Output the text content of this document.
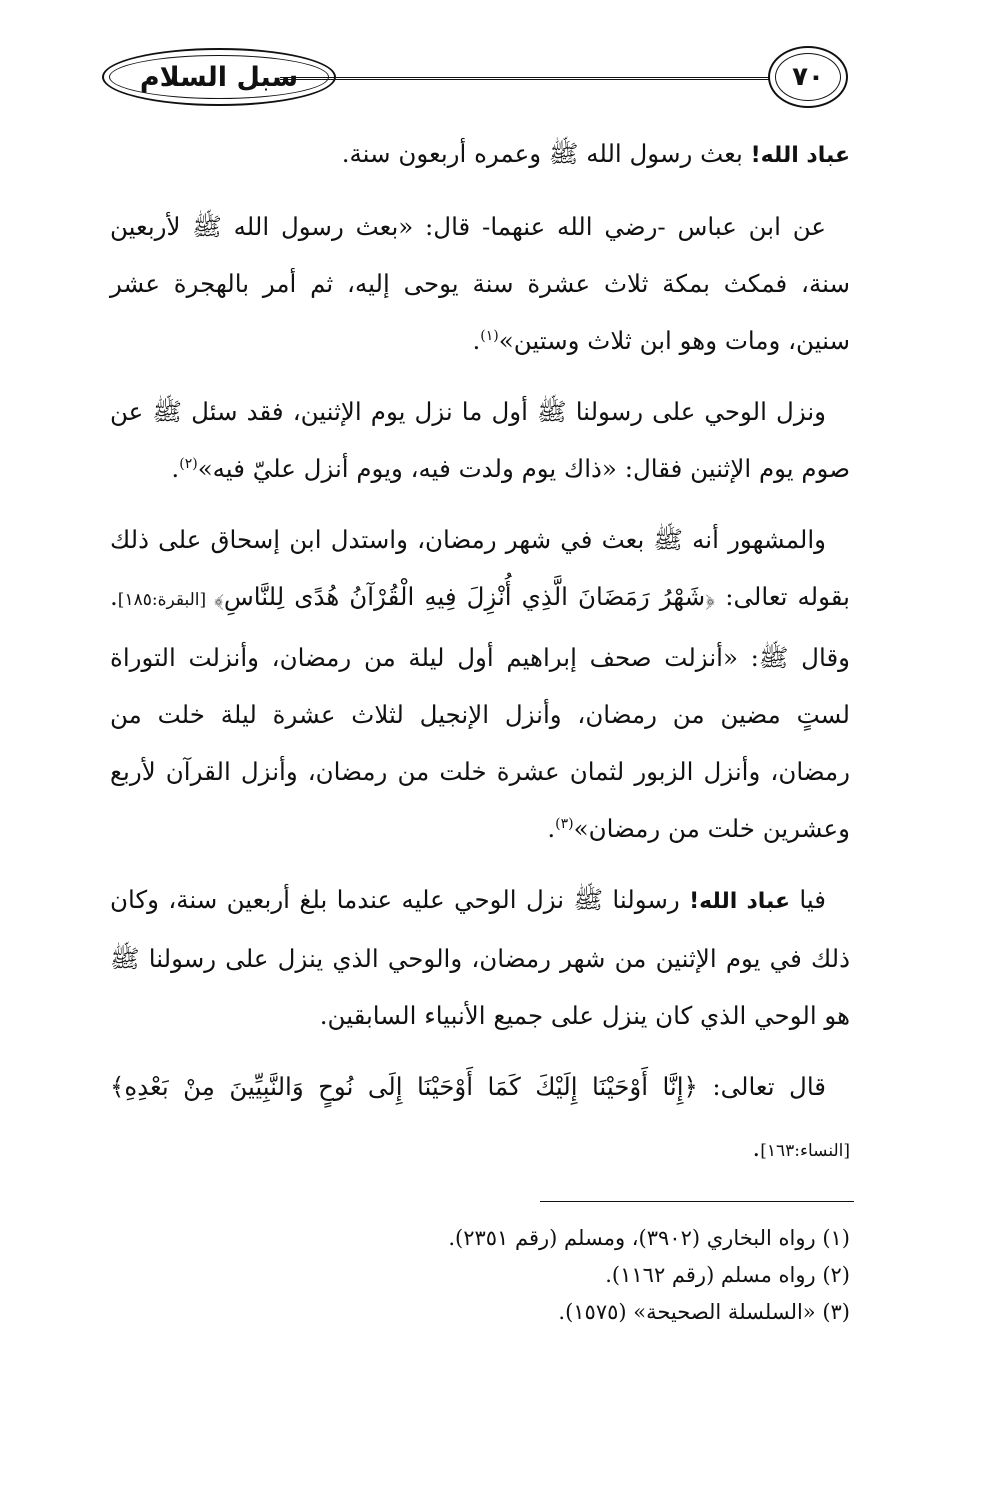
سبل السلام	٧٠

عباد الله! بعث رسول الله ﷺ وعمره أربعون سنة.

عن ابن عباس -رضي الله عنهما- قال: «بعث رسول الله ﷺ لأربعين سنة، فمكث بمكة ثلاث عشرة سنة يوحى إليه، ثم أمر بالهجرة عشر سنين، ومات وهو ابن ثلاث وستين»$^{(١)}$.

ونزل الوحي على رسولنا ﷺ أول ما نزل يوم الإثنين، فقد سئل ﷺ عن صوم يوم الإثنين فقال: «ذاك يوم ولدت فيه، ويوم أنزل عليّ فيه»$^{(٢)}$.

والمشهور أنه ﷺ بعث في شهر رمضان، واستدل ابن إسحاق على ذلك بقوله تعالى: ﴿شَهْرُ رَمَضَانَ الَّذِي أُنْزِلَ فِيهِ الْقُرْآنُ هُدًى لِلنَّاسِ﴾ [البقرة:١٨٥]. وقال ﷺ: «أنزلت صحف إبراهيم أول ليلة من رمضان، وأنزلت التوراة لستٍ مضين من رمضان، وأنزل الإنجيل لثلاث عشرة ليلة خلت من رمضان، وأنزل الزبور لثمان عشرة خلت من رمضان، وأنزل القرآن لأربع وعشرين خلت من رمضان»$^{(٣)}$.

فيا عباد الله! رسولنا ﷺ نزل الوحي عليه عندما بلغ أربعين سنة، وكان ذلك في يوم الإثنين من شهر رمضان، والوحي الذي ينزل على رسولنا ﷺ هو الوحي الذي كان ينزل على جميع الأنبياء السابقين.

قال تعالى: ﴿إِنَّا أَوْحَيْنَا إِلَيْكَ كَمَا أَوْحَيْنَا إِلَى نُوحٍ وَالنَّبِيِّينَ مِنْ بَعْدِهِ﴾ [النساء:١٦٣].

(١) رواه البخاري (٣٩٠٢)، ومسلم (رقم ٢٣٥١).

(٢) رواه مسلم (رقم ١١٦٢).

(٣) «السلسلة الصحيحة» (١٥٧٥).
